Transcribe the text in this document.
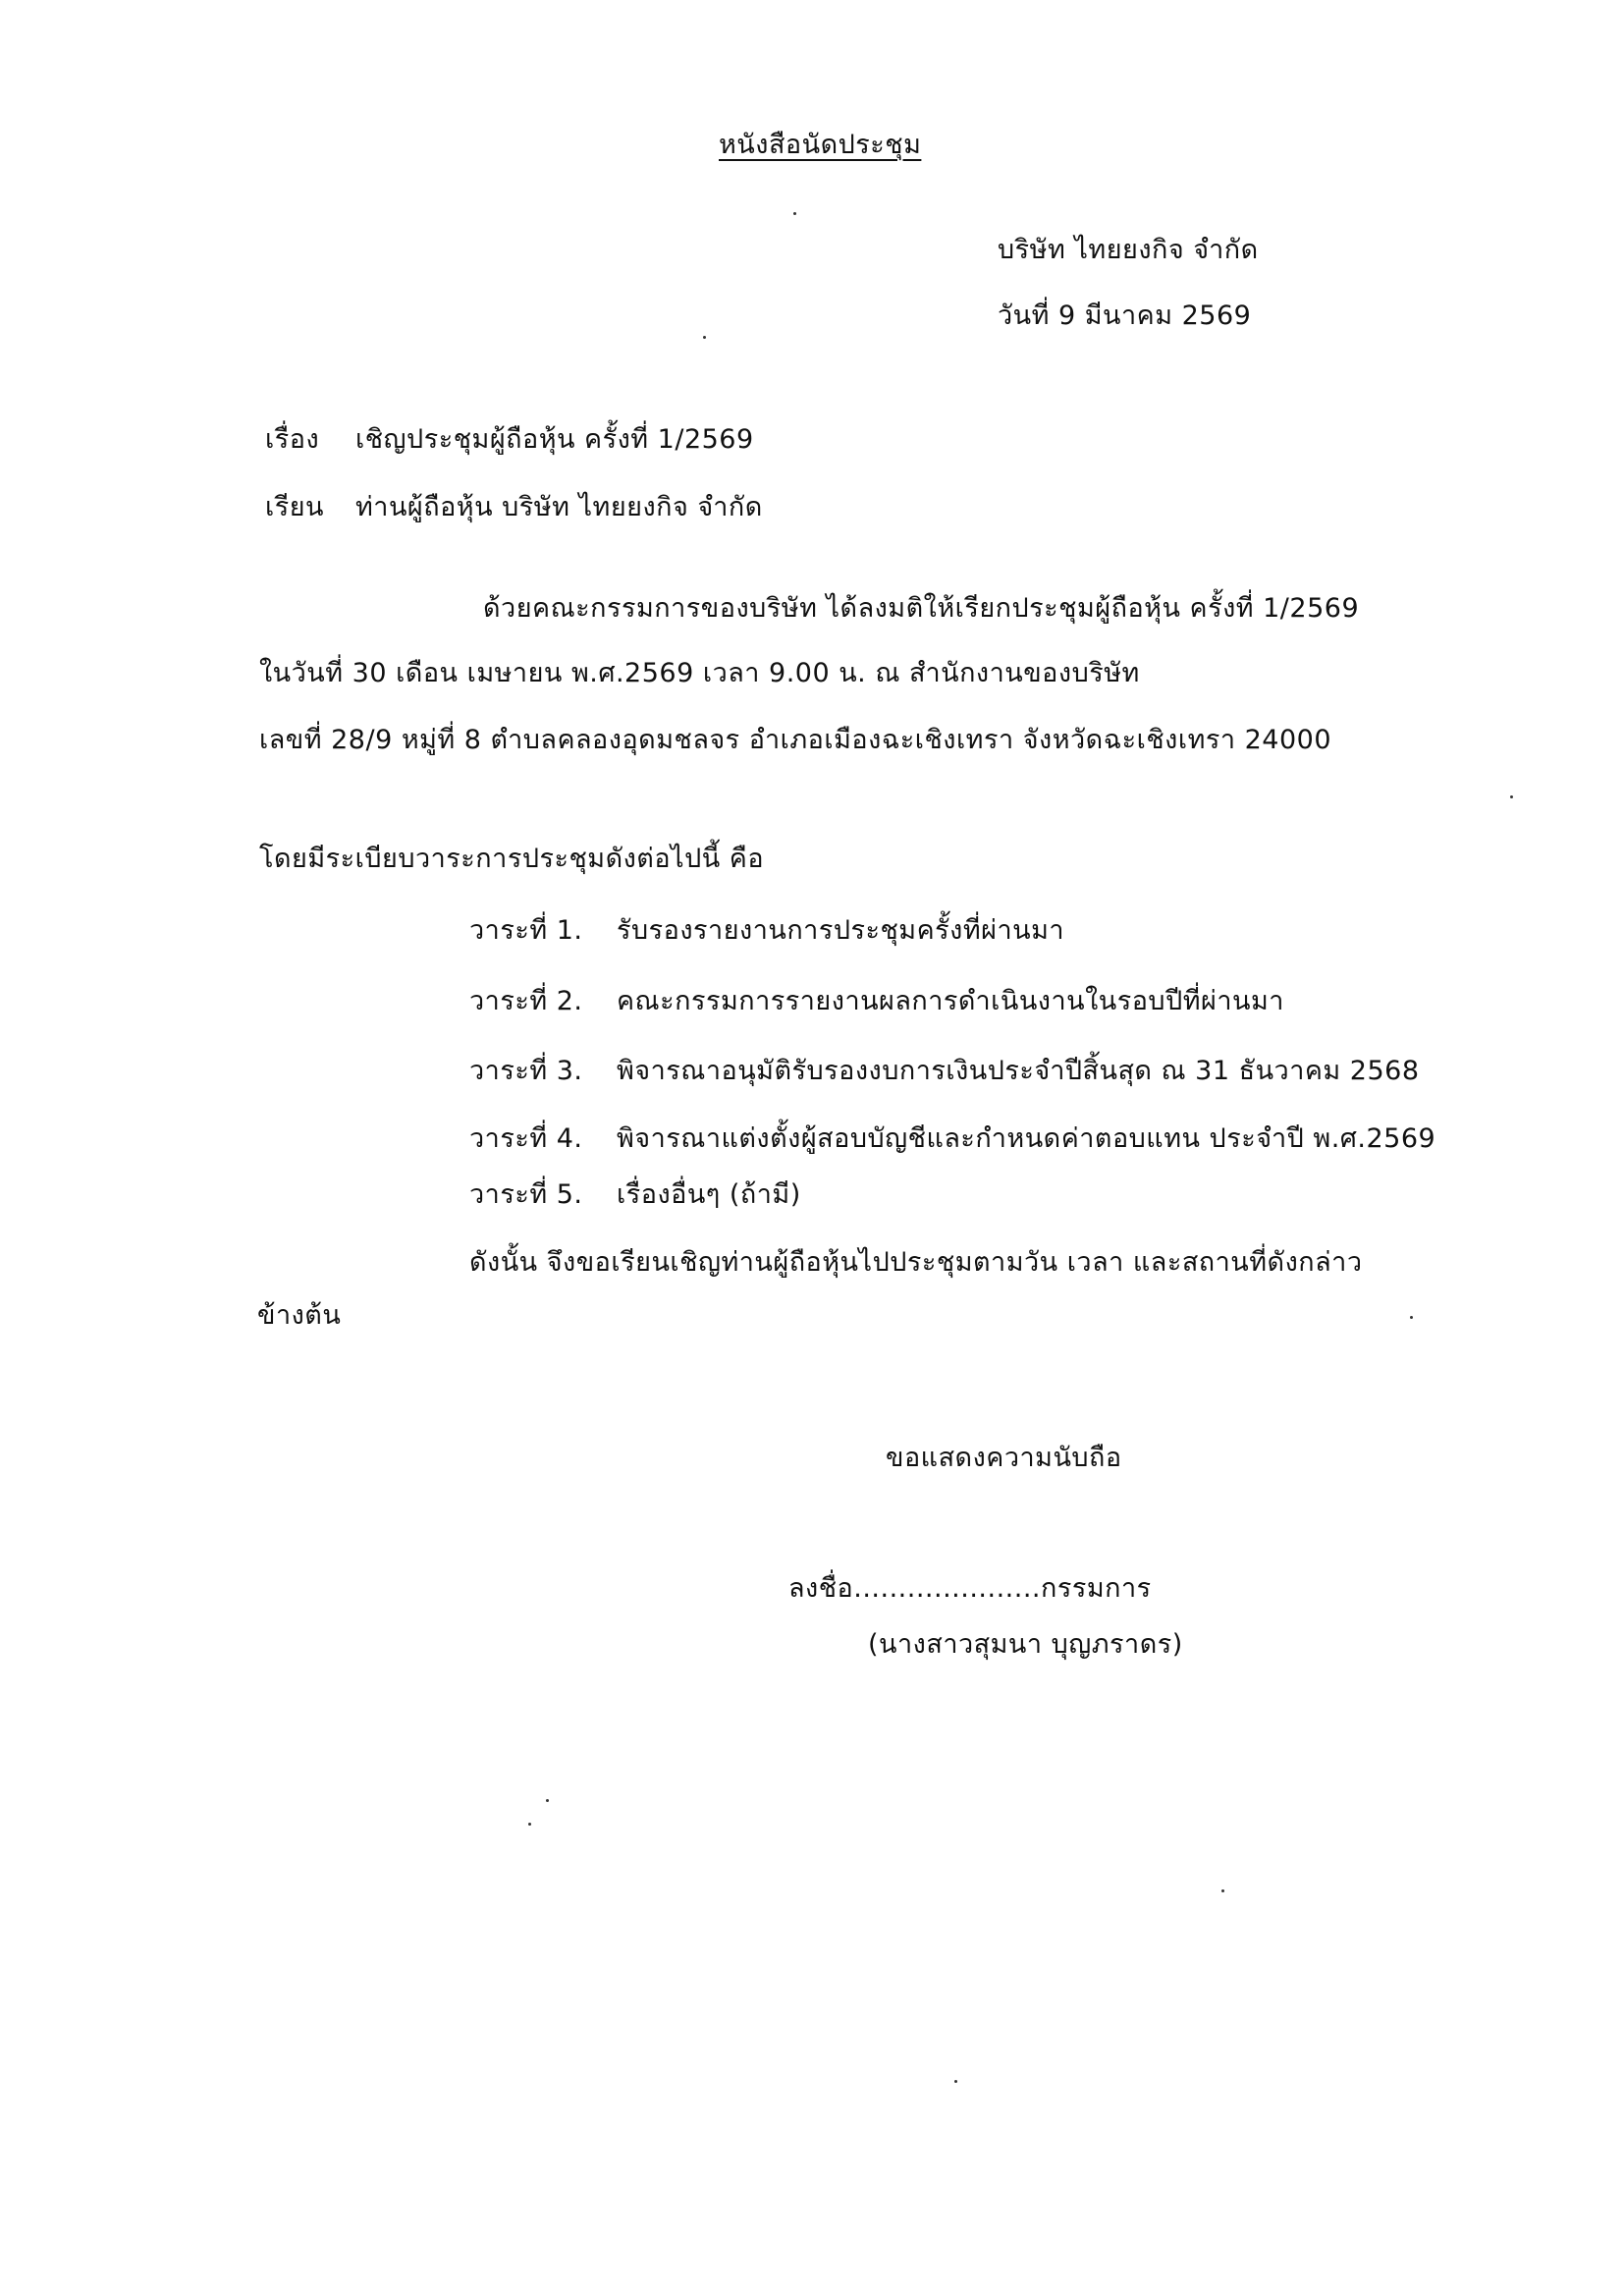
หนังสือนัดประชุม
บริษัท ไทยยงกิจ จำกัด
วันที่ 9 มีนาคม 2569
เรื่อง เชิญประชุมผู้ถือหุ้น ครั้งที่ 1/2569
เรียน ท่านผู้ถือหุ้น บริษัท ไทยยงกิจ จำกัด
ด้วยคณะกรรมการของบริษัท ได้ลงมติให้เรียกประชุมผู้ถือหุ้น ครั้งที่ 1/2569
ในวันที่ 30 เดือน เมษายน พ.ศ.2569 เวลา 9.00 น. ณ สำนักงานของบริษัท
เลขที่ 28/9 หมู่ที่ 8 ตำบลคลองอุดมชลจร อำเภอเมืองฉะเชิงเทรา จังหวัดฉะเชิงเทรา 24000
โดยมีระเบียบวาระการประชุมดังต่อไปนี้ คือ
วาระที่ 1. รับรองรายงานการประชุมครั้งที่ผ่านมา
วาระที่ 2. คณะกรรมการรายงานผลการดำเนินงานในรอบปีที่ผ่านมา
วาระที่ 3. พิจารณาอนุมัติรับรองงบการเงินประจำปีสิ้นสุด ณ 31 ธันวาคม 2568
วาระที่ 4. พิจารณาแต่งตั้งผู้สอบบัญชีและกำหนดค่าตอบแทน ประจำปี พ.ศ.2569
วาระที่ 5. เรื่องอื่นๆ (ถ้ามี)
ดังนั้น จึงขอเรียนเชิญท่านผู้ถือหุ้นไปประชุมตามวัน เวลา และสถานที่ดังกล่าว
ข้างต้น
ขอแสดงความนับถือ
ลงชื่อ.....................กรรมการ
(นางสาวสุมนา บุญภราดร)
